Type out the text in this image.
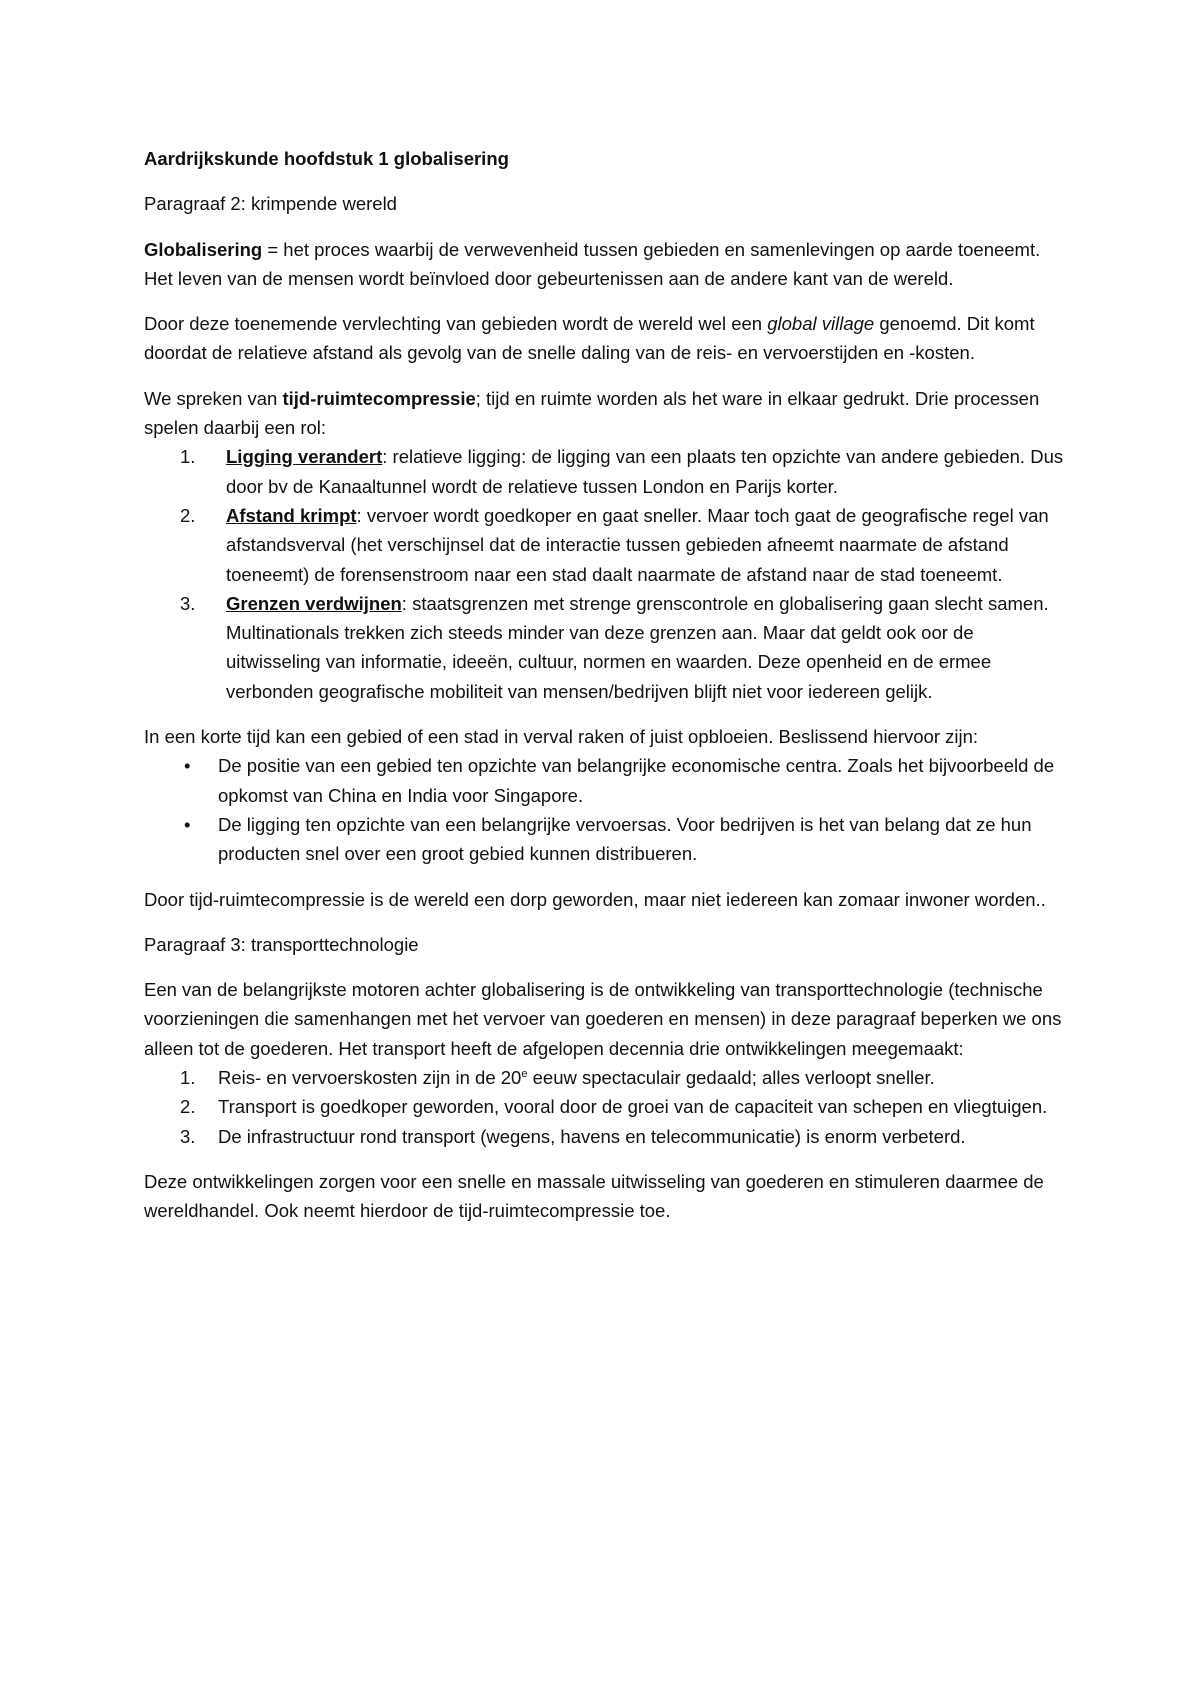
Aardrijkskunde hoofdstuk 1 globalisering

Paragraaf 2: krimpende wereld

Globalisering = het proces waarbij de verwevenheid tussen gebieden en samenlevingen op aarde toeneemt. Het leven van de mensen wordt beïnvloed door gebeurtenissen aan de andere kant van de wereld.

Door deze toenemende vervlechting van gebieden wordt de wereld wel een global village genoemd. Dit komt doordat de relatieve afstand als gevolg van de snelle daling van de reis- en vervoerstijden en -kosten.

We spreken van tijd-ruimtecompressie; tijd en ruimte worden als het ware in elkaar gedrukt. Drie processen spelen daarbij een rol:

1.	Ligging verandert: relatieve ligging: de ligging van een plaats ten opzichte van andere gebieden. Dus door bv de Kanaaltunnel wordt de relatieve tussen London en Parijs korter.
2.	Afstand krimpt: vervoer wordt goedkoper en gaat sneller. Maar toch gaat de geografische regel van afstandsverval (het verschijnsel dat de interactie tussen gebieden afneemt naarmate de afstand toeneemt) de forensenstroom naar een stad daalt naarmate de afstand naar de stad toeneemt.
3.	Grenzen verdwijnen: staatsgrenzen met strenge grenscontrole en globalisering gaan slecht samen. Multinationals trekken zich steeds minder van deze grenzen aan. Maar dat geldt ook oor de uitwisseling van informatie, ideeën, cultuur, normen en waarden. Deze openheid en de ermee verbonden geografische mobiliteit van mensen/bedrijven blijft niet voor iedereen gelijk.

In een korte tijd kan een gebied of een stad in verval raken of juist opbloeien. Beslissend hiervoor zijn:

• De positie van een gebied ten opzichte van belangrijke economische centra. Zoals het bijvoorbeeld de opkomst van China en India voor Singapore.
• De ligging ten opzichte van een belangrijke vervoersas. Voor bedrijven is het van belang dat ze hun producten snel over een groot gebied kunnen distribueren.

Door tijd-ruimtecompressie is de wereld een dorp geworden, maar niet iedereen kan zomaar inwoner worden..

Paragraaf 3: transporttechnologie

Een van de belangrijkste motoren achter globalisering is de ontwikkeling van transporttechnologie (technische voorzieningen die samenhangen met het vervoer van goederen en mensen) in deze paragraaf beperken we ons alleen tot de goederen. Het transport heeft de afgelopen decennia drie ontwikkelingen meegemaakt:

1.	Reis- en vervoerskosten zijn in de 20e eeuw spectaculair gedaald; alles verloopt sneller.
2.	Transport is goedkoper geworden, vooral door de groei van de capaciteit van schepen en vliegtuigen.
3.	De infrastructuur rond transport (wegens, havens en telecommunicatie) is enorm verbeterd.

Deze ontwikkelingen zorgen voor een snelle en massale uitwisseling van goederen en stimuleren daarmee de wereldhandel. Ook neemt hierdoor de tijd-ruimtecompressie toe.
